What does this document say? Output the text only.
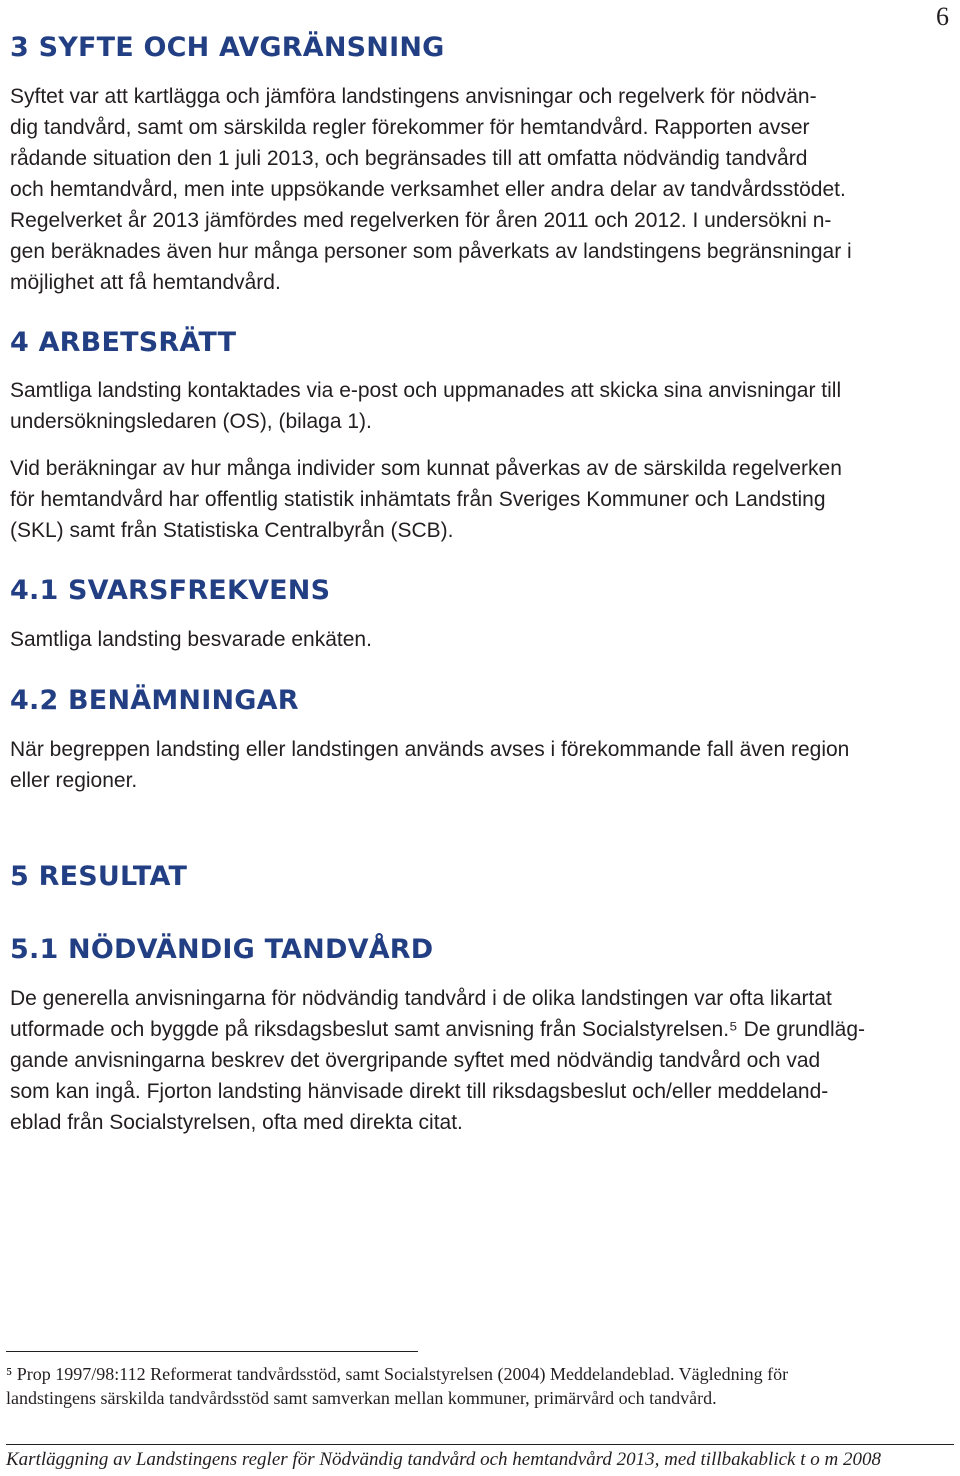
6
3 SYFTE OCH AVGRÄNSNING

Syftet var att kartlägga och jämföra landstingens anvisningar och regelverk för nödvän-
dig tandvård, samt om särskilda regler förekommer för hemtandvård. Rapporten avser
rådande situation den 1 juli 2013, och begränsades till att omfatta nödvändig tandvård
och hemtandvård, men inte uppsökande verksamhet eller andra delar av tandvårdsstödet.
Regelverket år 2013 jämfördes med regelverken för åren 2011 och 2012. I undersökni n-
gen beräknades även hur många personer som påverkats av landstingens begränsningar i
möjlighet att få hemtandvård.

4 ARBETSRÄTT

Samtliga landsting kontaktades via e-post och uppmanades att skicka sina anvisningar till
undersökningsledaren (OS), (bilaga 1).

Vid beräkningar av hur många individer som kunnat påverkas av de särskilda regelverken
för hemtandvård har offentlig statistik inhämtats från Sveriges Kommuner och Landsting
(SKL) samt från Statistiska Centralbyrån (SCB).

4.1 SVARSFREKVENS

Samtliga landsting besvarade enkäten.

4.2 BENÄMNINGAR

När begreppen landsting eller landstingen används avses i förekommande fall även region
eller regioner.

5 RESULTAT
5.1 NÖDVÄNDIG TANDVÅRD

De generella anvisningarna för nödvändig tandvård i de olika landstingen var ofta likartat
utformade och byggde på riksdagsbeslut samt anvisning från Socialstyrelsen.⁵ De grundläg-
gande anvisningarna beskrev det övergripande syftet med nödvändig tandvård och vad
som kan ingå. Fjorton landsting hänvisade direkt till riksdagsbeslut och/eller meddeland-
eblad från Socialstyrelsen, ofta med direkta citat.

⁵ Prop 1997/98:112 Reformerat tandvårdsstöd, samt Socialstyrelsen (2004) Meddelandeblad. Vägledning för
landstingens särskilda tandvårdsstöd samt samverkan mellan kommuner, primärvård och tandvård.

Kartläggning av Landstingens regler för Nödvändig tandvård och hemtandvård 2013, med tillbakablick t o m 2008
